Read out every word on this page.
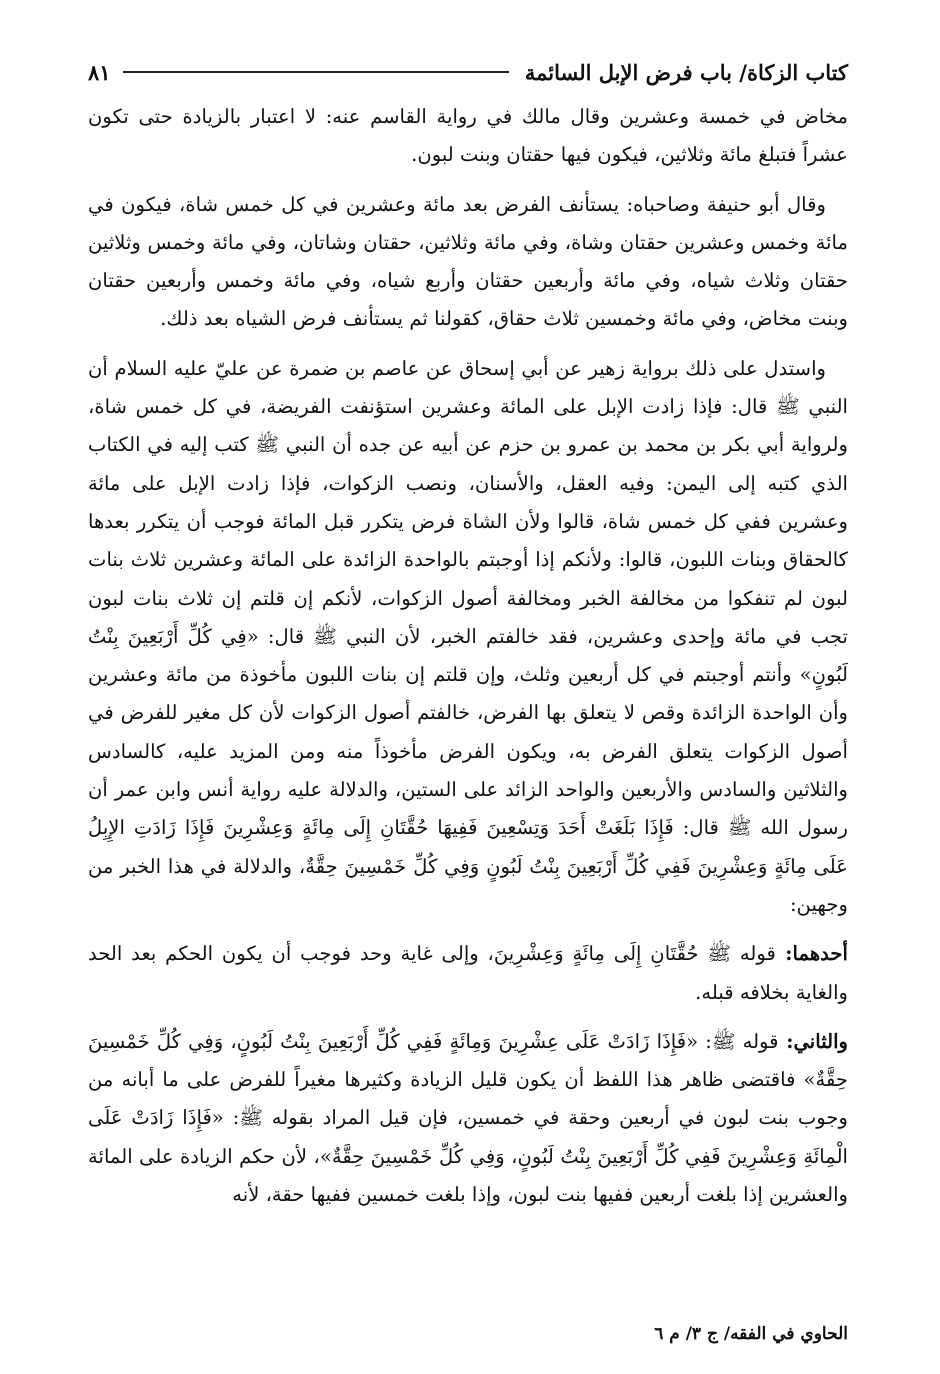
كتاب الزكاة/ باب فرض الإبل السائمة
٨١

مخاض في خمسة وعشرين وقال مالك في رواية القاسم عنه: لا اعتبار بالزيادة حتى تكون عشراً فتبلغ مائة وثلاثين، فيكون فيها حقتان وبنت لبون.

وقال أبو حنيفة وصاحباه: يستأنف الفرض بعد مائة وعشرين في كل خمس شاة، فيكون في مائة وخمس وعشرين حقتان وشاة، وفي مائة وثلاثين، حقتان وشاتان، وفي مائة وخمس وثلاثين حقتان وثلاث شياه، وفي مائة وأربعين حقتان وأربع شياه، وفي مائة وخمس وأربعين حقتان وبنت مخاض، وفي مائة وخمسين ثلاث حقاق، كقولنا ثم يستأنف فرض الشياه بعد ذلك.

واستدل على ذلك برواية زهير عن أبي إسحاق عن عاصم بن ضمرة عن عليّ عليه السلام أن النبي ﷺ قال: فإذا زادت الإبل على المائة وعشرين استؤنفت الفريضة، في كل خمس شاة، ولرواية أبي بكر بن محمد بن عمرو بن حزم عن أبيه عن جده أن النبي ﷺ كتب إليه في الكتاب الذي كتبه إلى اليمن: وفيه العقل، والأسنان، ونصب الزكوات، فإذا زادت الإبل على مائة وعشرين ففي كل خمس شاة، قالوا ولأن الشاة فرض يتكرر قبل المائة فوجب أن يتكرر بعدها كالحقاق وبنات اللبون، قالوا: ولأنكم إذا أوجبتم بالواحدة الزائدة على المائة وعشرين ثلاث بنات لبون لم تنفكوا من مخالفة الخبر ومخالفة أصول الزكوات، لأنكم إن قلتم إن ثلاث بنات لبون تجب في مائة وإحدى وعشرين، فقد خالفتم الخبر، لأن النبي ﷺ قال: «فِي كُلِّ أَرْبَعِينَ بِنْتُ لَبُونٍ» وأنتم أوجبتم في كل أربعين وثلث، وإن قلتم إن بنات اللبون مأخوذة من مائة وعشرين وأن الواحدة الزائدة وقص لا يتعلق بها الفرض، خالفتم أصول الزكوات لأن كل مغير للفرض في أصول الزكوات يتعلق الفرض به، ويكون الفرض مأخوذاً منه ومن المزيد عليه، كالسادس والثلاثين والسادس والأربعين والواحد الزائد على الستين، والدلالة عليه رواية أنس وابن عمر أن رسول الله ﷺ قال: فَإِذَا بَلَغَتْ أَحَدَ وَتِسْعِينَ فَفِيهَا حُقَّتَانِ إِلَى مِائَةٍ وَعِشْرِينَ فَإِذَا زَادَتِ الإِبِلُ عَلَى مِائَةٍ وَعِشْرِينَ فَفِي كُلِّ أَرْبَعِينَ بِنْتُ لَبُونٍ وَفِي كُلِّ خَمْسِينَ حِقَّةٌ، والدلالة في هذا الخبر من وجهين:

أحدهما: قوله ﷺ حُقَّتَانِ إِلَى مِائَةٍ وَعِشْرِينَ، وإلى غاية وحد فوجب أن يكون الحكم بعد الحد والغاية بخلافه قبله.

والثاني: قوله ﷺ: «فَإِذَا زَادَتْ عَلَى عِشْرِينَ وَمِائَةٍ فَفِي كُلِّ أَرْبَعِينَ بِنْتُ لَبُونٍ، وَفِي كُلِّ خَمْسِينَ حِقَّةٌ» فاقتضى ظاهر هذا اللفظ أن يكون قليل الزيادة وكثيرها مغيراً للفرض على ما أبانه من وجوب بنت لبون في أربعين وحقة في خمسين، فإن قيل المراد بقوله ﷺ: «فَإِذَا زَادَتْ عَلَى الْمِائَةِ وَعِشْرِينَ فَفِي كُلِّ أَرْبَعِينَ بِنْتُ لَبُونٍ، وَفِي كُلِّ خَمْسِينَ حِقَّةٌ»، لأن حكم الزيادة على المائة والعشرين إذا بلغت أربعين ففيها بنت لبون، وإذا بلغت خمسين ففيها حقة، لأنه

الحاوي في الفقه/ ج ٣/ م ٦
